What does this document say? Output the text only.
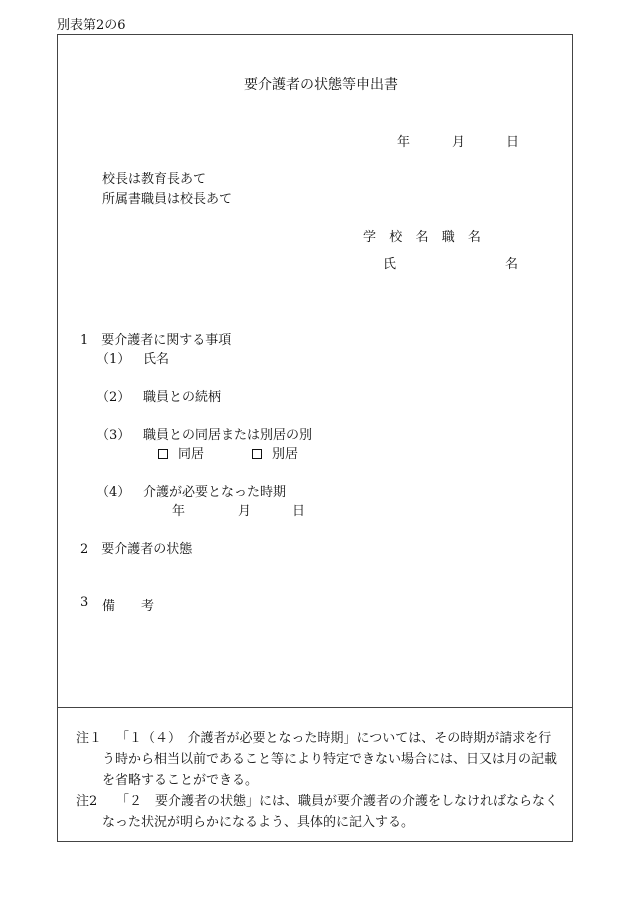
別表第2の6
要介護者の状態等申出書
年	月	日
校長は教育長あて
所属書職員は校長あて
学 校 名 職 名
氏	名
1　要介護者に関する事項
（1） 氏名
（2） 職員との続柄
（3） 職員との同居または別居の別
同居	別居
（4） 介護が必要となった時期
年	月	日
2　要介護者の状態
3 備　　考
注１ 「１（４）　介護者が必要となった時期」については、その時期が請求を行
う時から相当以前であること等により特定できない場合には、日又は月の記載
を省略することができる。
注2 「２　要介護者の状態」には、職員が要介護者の介護をしなければならなく
なった状況が明らかになるよう、具体的に記入する。
